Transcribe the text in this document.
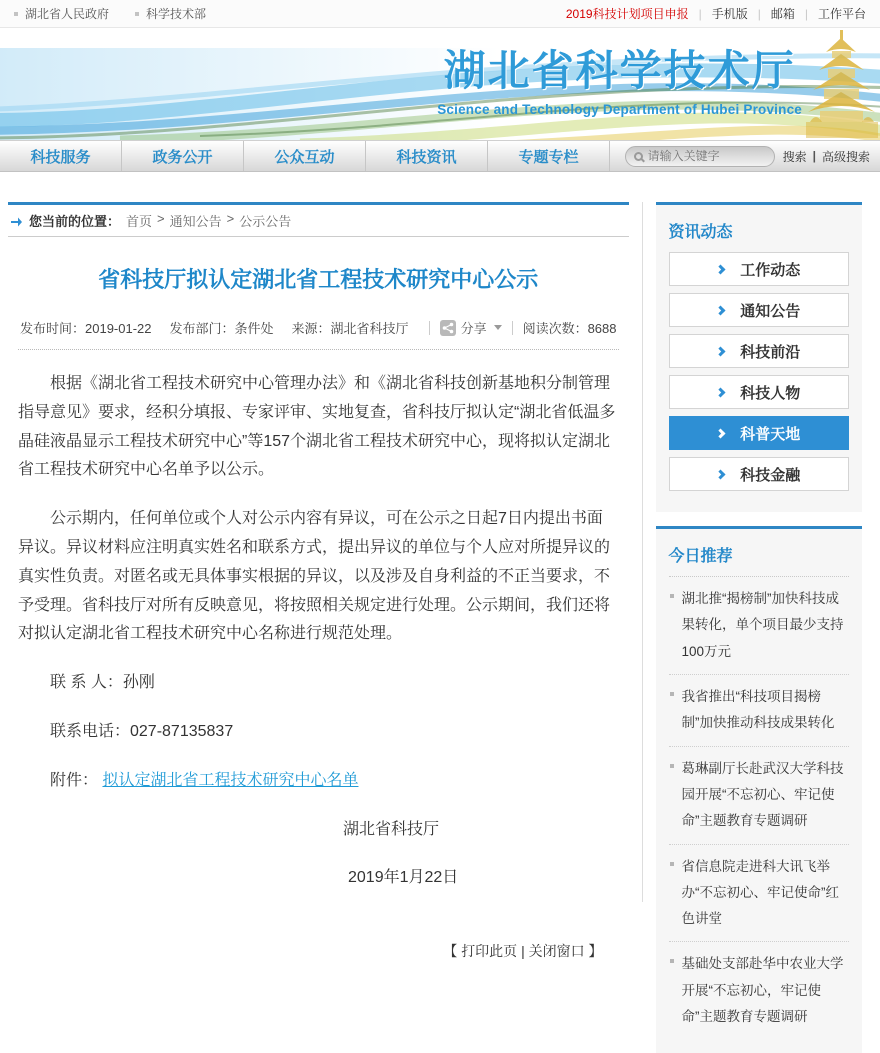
湖北省人民政府	科学技术部	2019科技计划项目申报 | 手机版 | 邮箱 | 工作平台
湖北省科学技术厅
Science and Technology Department of Hubei Province
科技服务	政务公开	公众互动	科技资讯	专题专栏
请输入关键字	搜索 | 高级搜索
您当前的位置： 首页 > 通知公告 > 公示公告
省科技厅拟认定湖北省工程技术研究中心公示
发布时间：2019-01-22 发布部门：条件处 来源：湖北省科技厅	分享	阅读次数：8688

根据《湖北省工程技术研究中心管理办法》和《湖北省科技创新基地积分制管理指导意见》要求，经积分填报、专家评审、实地复查，省科技厅拟认定“湖北省低温多晶硅液晶显示工程技术研究中心”等157个湖北省工程技术研究中心，现将拟认定湖北省工程技术研究中心名单予以公示。

公示期内，任何单位或个人对公示内容有异议，可在公示之日起7日内提出书面异议。异议材料应注明真实姓名和联系方式，提出异议的单位与个人应对所提异议的真实性负责。对匿名或无具体事实根据的异议，以及涉及自身利益的不正当要求，不予受理。省科技厅对所有反映意见，将按照相关规定进行处理。公示期间，我们还将对拟认定湖北省工程技术研究中心名称进行规范处理。

联 系 人：孙刚

联系电话：027-87135837

附件： 拟认定湖北省工程技术研究中心名单

湖北省科技厅

2019年1月22日

【 打印此页 | 关闭窗口 】
资讯动态
工作动态
通知公告
科技前沿
科技人物
科普天地
科技金融
今日推荐
湖北推“揭榜制”加快科技成果转化，单个项目最少支持100万元
我省推出“科技项目揭榜制”加快推动科技成果转化
葛琳副厅长赴武汉大学科技园开展“不忘初心、牢记使命”主题教育专题调研
省信息院走进科大讯飞举办“不忘初心、牢记使命”红色讲堂
基础处支部赴华中农业大学开展“不忘初心，牢记使命”主题教育专题调研
